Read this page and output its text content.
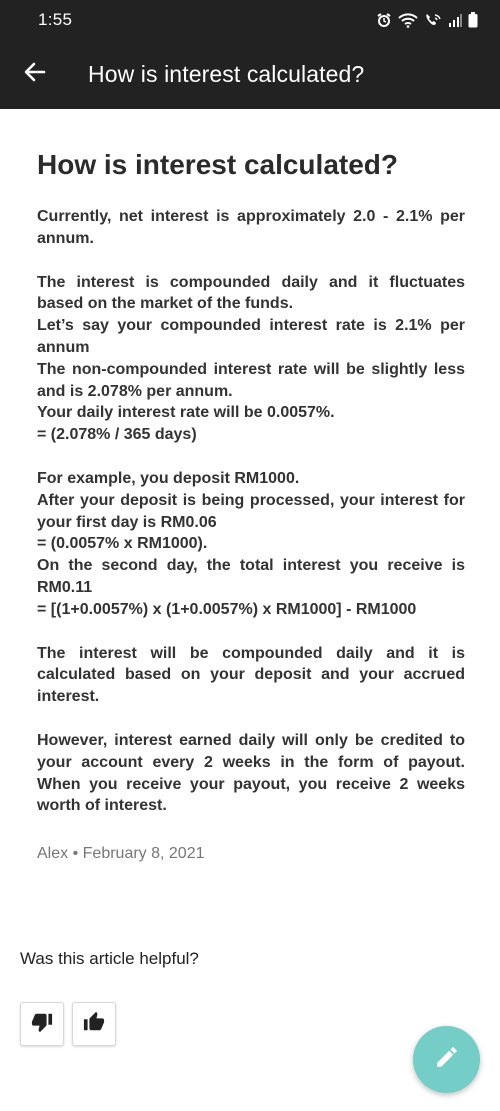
1:55
How is interest calculated?
How is interest calculated?

Currently, net interest is approximately 2.0 - 2.1% per annum.

The interest is compounded daily and it fluctuates based on the market of the funds.

Let’s say your compounded interest rate is 2.1% per annum

The non-compounded interest rate will be slightly less and is 2.078% per annum.

Your daily interest rate will be 0.0057%.

= (2.078% / 365 days)

For example, you deposit RM1000.

After your deposit is being processed, your interest for your first day is RM0.06

= (0.0057% x RM1000).

On the second day, the total interest you receive is RM0.11

= [(1+0.0057%) x (1+0.0057%) x RM1000] - RM1000

The interest will be compounded daily and it is calculated based on your deposit and your accrued interest.

However, interest earned daily will only be credited to your account every 2 weeks in the form of payout. When you receive your payout, you receive 2 weeks worth of interest.

Alex • February 8, 2021
Was this article helpful?
